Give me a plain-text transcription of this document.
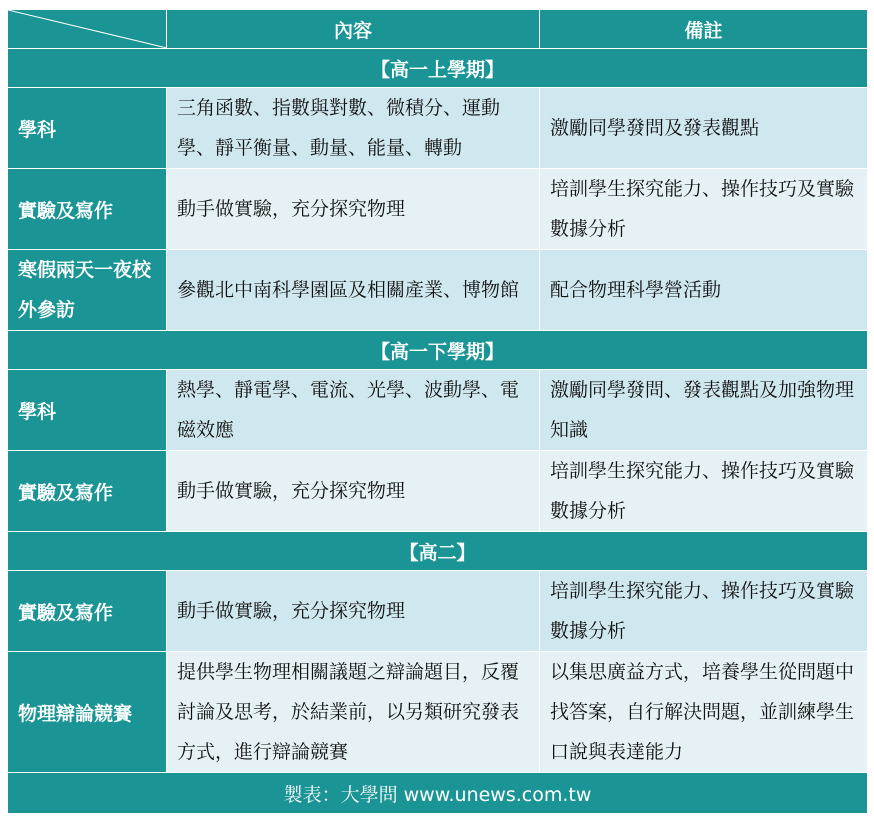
	內容	備註
【高一上學期】		
學科	三角函數、指數與對數、微積分、運動學、靜平衡量、動量、能量、轉動	激勵同學發問及發表觀點
實驗及寫作	動手做實驗，充分探究物理	培訓學生探究能力、操作技巧及實驗數據分析
寒假兩天一夜校外參訪	參觀北中南科學園區及相關產業、博物館	配合物理科學營活動
【高一下學期】		
學科	熱學、靜電學、電流、光學、波動學、電磁效應	激勵同學發問、發表觀點及加強物理知識
實驗及寫作	動手做實驗，充分探究物理	培訓學生探究能力、操作技巧及實驗數據分析
【高二】		
實驗及寫作	動手做實驗，充分探究物理	培訓學生探究能力、操作技巧及實驗數據分析
物理辯論競賽	提供學生物理相關議題之辯論題目，反覆討論及思考，於結業前，以另類研究發表方式，進行辯論競賽	以集思廣益方式，培養學生從問題中找答案，自行解決問題，並訓練學生口說與表達能力
製表：大學問 www.unews.com.tw		
